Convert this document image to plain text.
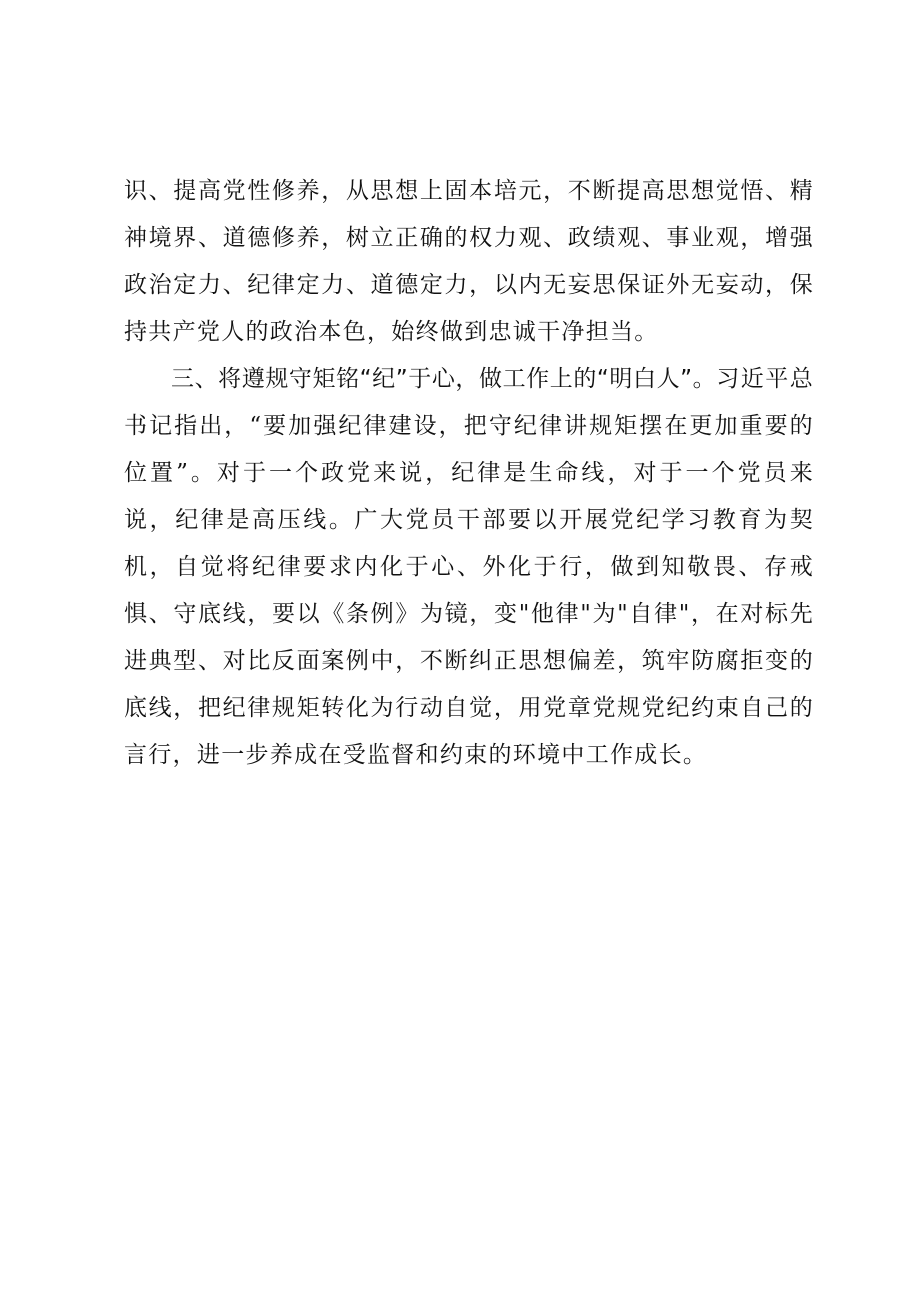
识、提高党性修养，从思想上固本培元，不断提高思想觉悟、精神境界、道德修养，树立正确的权力观、政绩观、事业观，增强政治定力、纪律定力、道德定力，以内无妄思保证外无妄动，保持共产党人的政治本色，始终做到忠诚干净担当。

三、将遵规守矩铭“纪”于心，做工作上的“明白人”。习近平总书记指出，“要加强纪律建设，把守纪律讲规矩摆在更加重要的位置”。对于一个政党来说，纪律是生命线，对于一个党员来说，纪律是高压线。广大党员干部要以开展党纪学习教育为契机，自觉将纪律要求内化于心、外化于行，做到知敬畏、存戒惧、守底线，要以《条例》为镜，变"他律"为"自律"，在对标先进典型、对比反面案例中，不断纠正思想偏差，筑牢防腐拒变的底线，把纪律规矩转化为行动自觉，用党章党规党纪约束自己的言行，进一步养成在受监督和约束的环境中工作成长。
